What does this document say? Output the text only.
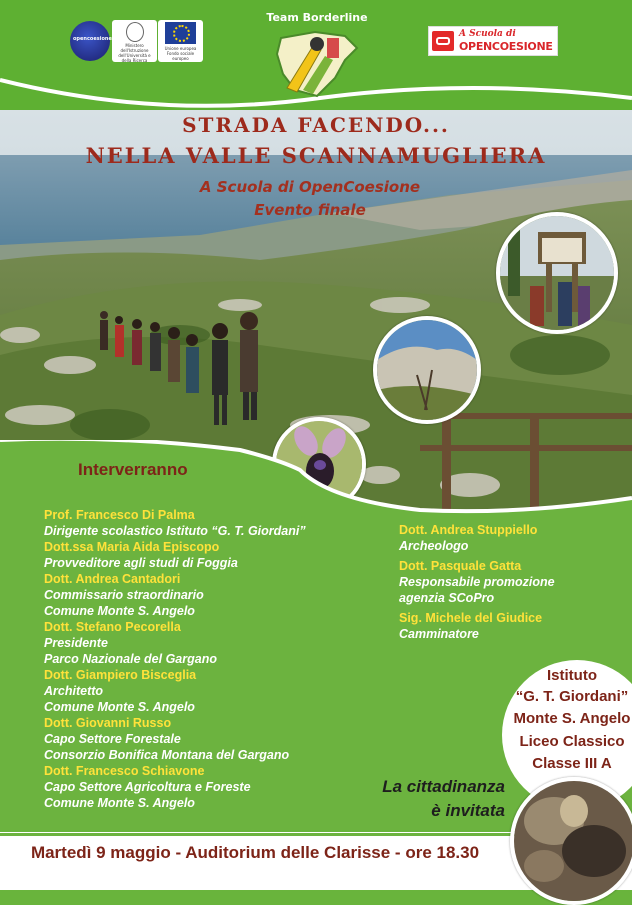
Team Borderline
opencoesione
Ministero dell'Istruzione
dell'Università e della Ricerca
Unione europea
Fondo sociale europeo
A Scuola di
OPENCOESIONE
STRADA FACENDO...
NELLA VALLE SCANNAMUGLIERA
A Scuola di OpenCoesione
Evento finale
Interverranno
Prof. Francesco Di Palma
Dirigente scolastico Istituto “G. T. Giordani”
Dott.ssa Maria Aida Episcopo
Provveditore agli studi di Foggia
Dott. Andrea Cantadori
Commissario straordinario
Comune Monte S. Angelo
Dott. Stefano Pecorella
Presidente
Parco Nazionale del Gargano
Dott. Giampiero Bisceglia
Architetto
Comune Monte S. Angelo
Dott. Giovanni Russo
Capo Settore Forestale
Consorzio Bonifica Montana del Gargano
Dott. Francesco Schiavone
Capo Settore Agricoltura e Foreste
Comune Monte S. Angelo
Dott. Andrea Stuppiello
Archeologo
Dott. Pasquale Gatta
Responsabile promozione
agenzia SCoPro
Sig. Michele del Giudice
Camminatore
Istituto
“G. T. Giordani”
Monte S. Angelo
Liceo Classico
Classe III A
La cittadinanza
è invitata
Martedì 9 maggio - Auditorium delle Clarisse - ore 18.30
